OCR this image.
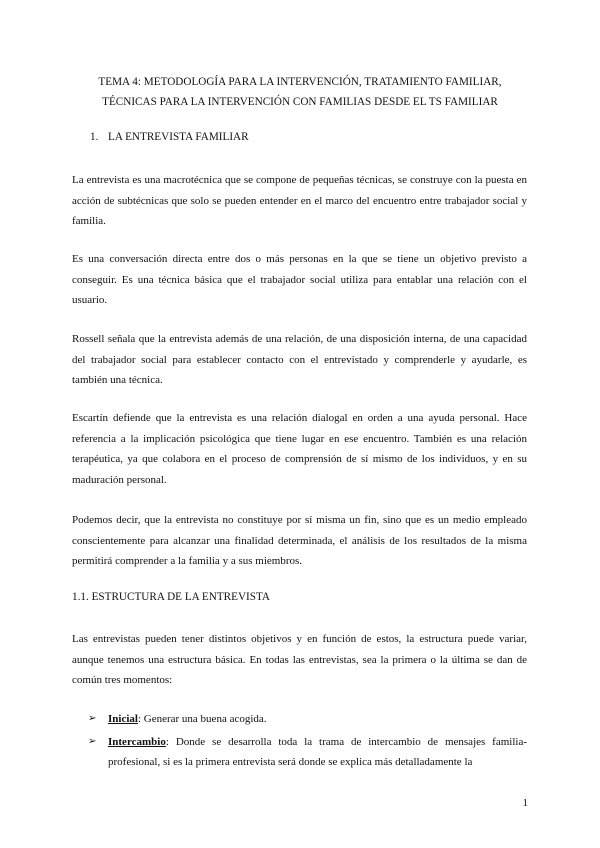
TEMA 4: METODOLOGÍA PARA LA INTERVENCIÓN, TRATAMIENTO FAMILIAR,
TÉCNICAS PARA LA INTERVENCIÓN CON FAMILIAS DESDE EL TS FAMILIAR
1. LA ENTREVISTA FAMILIAR
La entrevista es una macrotécnica que se compone de pequeñas técnicas, se construye con la puesta en acción de subtécnicas que solo se pueden entender en el marco del encuentro entre trabajador social y familia.
Es una conversación directa entre dos o más personas en la que se tiene un objetivo previsto a conseguir. Es una técnica básica que el trabajador social utiliza para entablar una relación con el usuario.
Rossell señala que la entrevista además de una relación, de una disposición interna, de una capacidad del trabajador social para establecer contacto con el entrevistado y comprenderle y ayudarle, es también una técnica.
Escartín defiende que la entrevista es una relación dialogal en orden a una ayuda personal. Hace referencia a la implicación psicológica que tiene lugar en ese encuentro. También es una relación terapéutica, ya que colabora en el proceso de comprensión de sí mismo de los individuos, y en su maduración personal.
Podemos decir, que la entrevista no constituye por sí misma un fin, sino que es un medio empleado conscientemente para alcanzar una finalidad determinada, el análisis de los resultados de la misma permitirá comprender a la familia y a sus miembros.
1.1. ESTRUCTURA DE LA ENTREVISTA
Las entrevistas pueden tener distintos objetivos y en función de estos, la estructura puede variar, aunque tenemos una estructura básica. En todas las entrevistas, sea la primera o la última se dan de común tres momentos:
➢ Inicial: Generar una buena acogida.
➢ Intercambio: Donde se desarrolla toda la trama de intercambio de mensajes familia-profesional, si es la primera entrevista será donde se explica más detalladamente la
1
